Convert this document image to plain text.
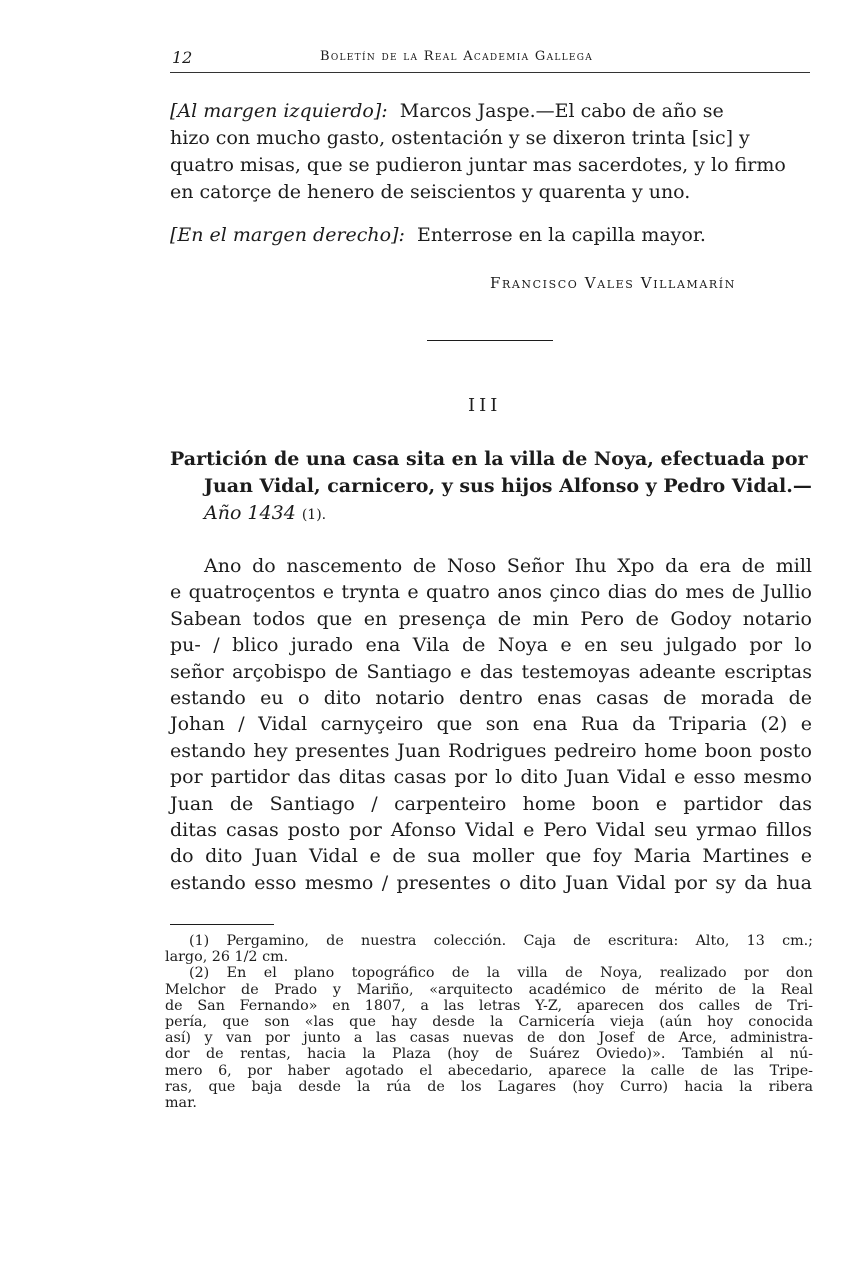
12	Boletín de la Real Academia Gallega
[Al margen izquierdo]: Marcos Jaspe.—El cabo de año se
hizo con mucho gasto, ostentación y se dixeron trinta [sic] y
quatro misas, que se pudieron juntar mas sacerdotes, y lo firmo
en catorçe de henero de seiscientos y quarenta y uno.
[En el margen derecho]: Enterrose en la capilla mayor.
Francisco Vales Villamarín
III
Partición de una casa sita en la villa de Noya, efectuada por
Juan Vidal, carnicero, y sus hijos Alfonso y Pedro Vidal.—
Año 1434 (1).
Ano do nascemento de Noso Señor Ihu Xpo da era de mill
e quatroçentos e trynta e quatro anos çinco dias do mes de Jullio
Sabean todos que en presença de min Pero de Godoy notario
pu- / blico jurado ena Vila de Noya e en seu julgado por lo
señor arçobispo de Santiago e das testemoyas adeante escriptas
estando eu o dito notario dentro enas casas de morada de
Johan / Vidal carnyçeiro que son ena Rua da Triparia (2) e
estando hey presentes Juan Rodrigues pedreiro home boon posto
por partidor das ditas casas por lo dito Juan Vidal e esso mesmo
Juan de Santiago / carpenteiro home boon e partidor das
ditas casas posto por Afonso Vidal e Pero Vidal seu yrmao fillos
do dito Juan Vidal e de sua moller que foy Maria Martines e
estando esso mesmo / presentes o dito Juan Vidal por sy da hua
(1) Pergamino, de nuestra colección. Caja de escritura: Alto, 13 cm.;
largo, 26 1/2 cm.
(2) En el plano topográfico de la villa de Noya, realizado por don
Melchor de Prado y Mariño, «arquitecto académico de mérito de la Real
de San Fernando» en 1807, a las letras Y-Z, aparecen dos calles de Tri-
pería, que son «las que hay desde la Carnicería vieja (aún hoy conocida
así) y van por junto a las casas nuevas de don Josef de Arce, administra-
dor de rentas, hacia la Plaza (hoy de Suárez Oviedo)». También al nú-
mero 6, por haber agotado el abecedario, aparece la calle de las Tripe-
ras, que baja desde la rúa de los Lagares (hoy Curro) hacia la ribera
mar.
